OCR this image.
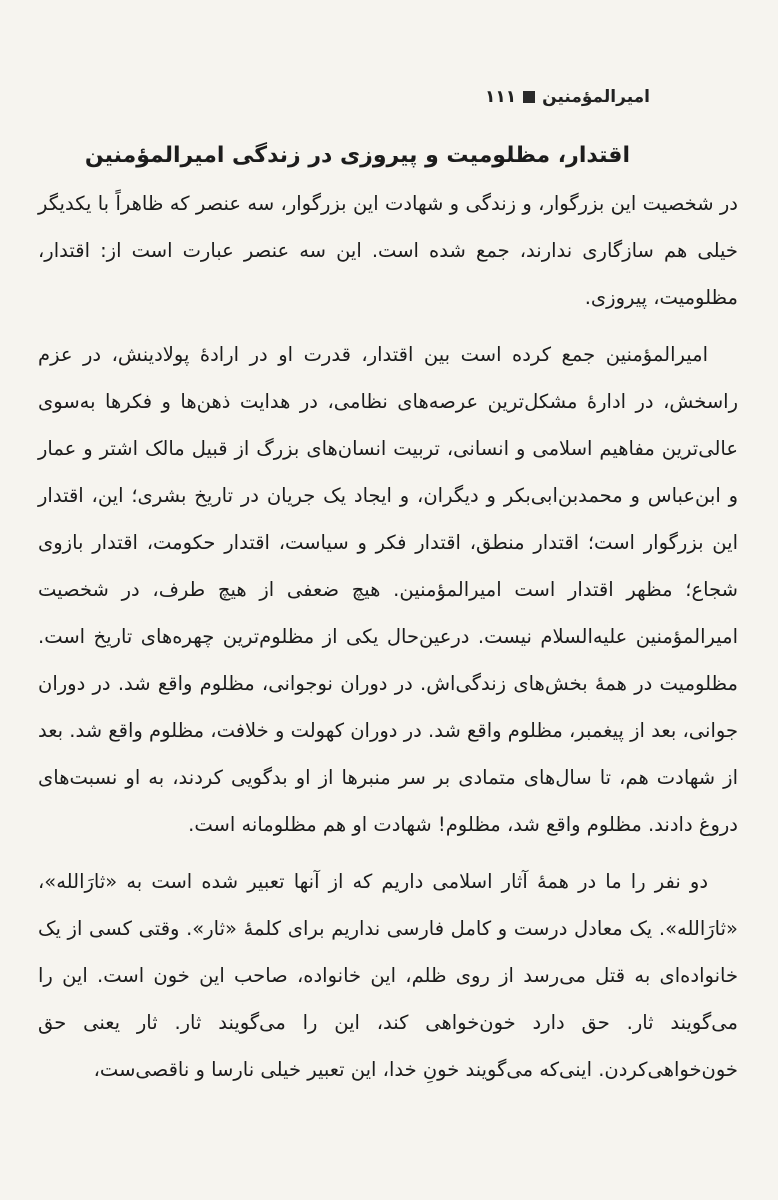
امیرالمؤمنین
۱۱۱
اقتدار، مظلومیت و پیروزی در زندگی امیرالمؤمنین

در شخصیت این بزرگوار، و زندگی و شهادت این بزرگوار، سه عنصر که ظاهراً با یکدیگر خیلی هم سازگاری ندارند، جمع شده است. این سه عنصر عبارت است از: اقتدار، مظلومیت، پیروزی.

امیرالمؤمنین جمع کرده است بین اقتدار، قدرت او در ارادهٔ پولادینش، در عزم راسخش، در ادارهٔ مشکل‌ترین عرصه‌های نظامی، در هدایت ذهن‌ها و فکرها به‌سوی عالی‌ترین مفاهیم اسلامی و انسانی، تربیت انسان‌های بزرگ از قبیل مالک اشتر و عمار و ابن‌عباس و محمدبن‌ابی‌بکر و دیگران، و ایجاد یک جریان در تاریخ بشری؛ این، اقتدار این بزرگوار است؛ اقتدار منطق، اقتدار فکر و سیاست، اقتدار حکومت، اقتدار بازوی شجاع؛ مظهر اقتدار است امیرالمؤمنین. هیچ ضعفی از هیچ طرف، در شخصیت امیرالمؤمنین علیه‌السلام نیست. درعین‌حال یکی از مظلوم‌ترین چهره‌های تاریخ است. مظلومیت در همهٔ بخش‌های زندگی‌اش. در دوران نوجوانی، مظلوم واقع شد. در دوران جوانی، بعد از پیغمبر، مظلوم واقع شد. در دوران کهولت و خلافت، مظلوم واقع شد. بعد از شهادت هم، تا سال‌های متمادی بر سر منبرها از او بدگویی کردند، به او نسبت‌های دروغ دادند. مظلوم واقع شد، مظلوم! شهادت او هم مظلومانه است.

دو نفر را ما در همهٔ آثار اسلامی داریم که از آنها تعبیر شده است به «ثارَالله»، «ثارَالله». یک معادل درست و کامل فارسی نداریم برای کلمهٔ «ثار». وقتی کسی از یک خانواده‌ای به قتل می‌رسد از روی ظلم، این خانواده، صاحب این خون است. این را می‌گویند ثار. حق دارد خون‌خواهی کند، این را می‌گویند ثار. ثار یعنی حق خون‌خواهی‌کردن. اینی‌که می‌گویند خونِ خدا، این تعبیر خیلی نارسا و ناقصی‌ست،
